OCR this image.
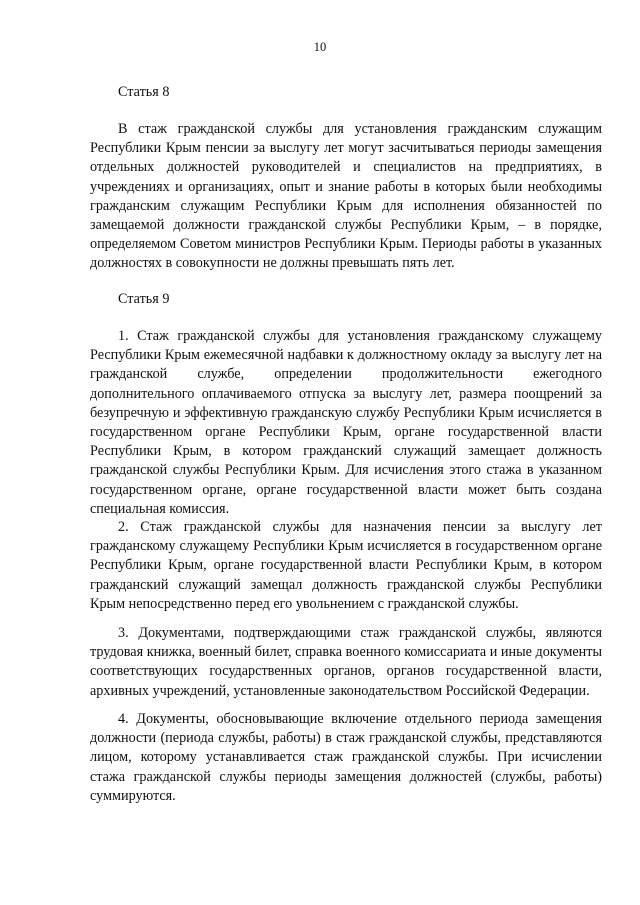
10
Статья 8

В стаж гражданской службы для установления гражданским служащим Республики Крым пенсии за выслугу лет могут засчитываться периоды замещения отдельных должностей руководителей и специалистов на предприятиях, в учреждениях и организациях, опыт и знание работы в которых были необходимы гражданским служащим Республики Крым для исполнения обязанностей по замещаемой должности гражданской службы Республики Крым, – в порядке, определяемом Советом министров Республики Крым. Периоды работы в указанных должностях в совокупности не должны превышать пять лет.

Статья 9

1. Стаж гражданской службы для установления гражданскому служащему Республики Крым ежемесячной надбавки к должностному окладу за выслугу лет на гражданской службе, определении продолжительности ежегодного дополнительного оплачиваемого отпуска за выслугу лет, размера поощрений за безупречную и эффективную гражданскую службу Республики Крым исчисляется в государственном органе Республики Крым, органе государственной власти Республики Крым, в котором гражданский служащий замещает должность гражданской службы Республики Крым. Для исчисления этого стажа в указанном государственном органе, органе государственной власти может быть создана специальная комиссия.

2. Стаж гражданской службы для назначения пенсии за выслугу лет гражданскому служащему Республики Крым исчисляется в государственном органе Республики Крым, органе государственной власти Республики Крым, в котором гражданский служащий замещал должность гражданской службы Республики Крым непосредственно перед его увольнением с гражданской службы.

3. Документами, подтверждающими стаж гражданской службы, являются трудовая книжка, военный билет, справка военного комиссариата и иные документы соответствующих государственных органов, органов государственной власти, архивных учреждений, установленные законодательством Российской Федерации.

4. Документы, обосновывающие включение отдельного периода замещения должности (периода службы, работы) в стаж гражданской службы, представляются лицом, которому устанавливается стаж гражданской службы. При исчислении стажа гражданской службы периоды замещения должностей (службы, работы) суммируются.
